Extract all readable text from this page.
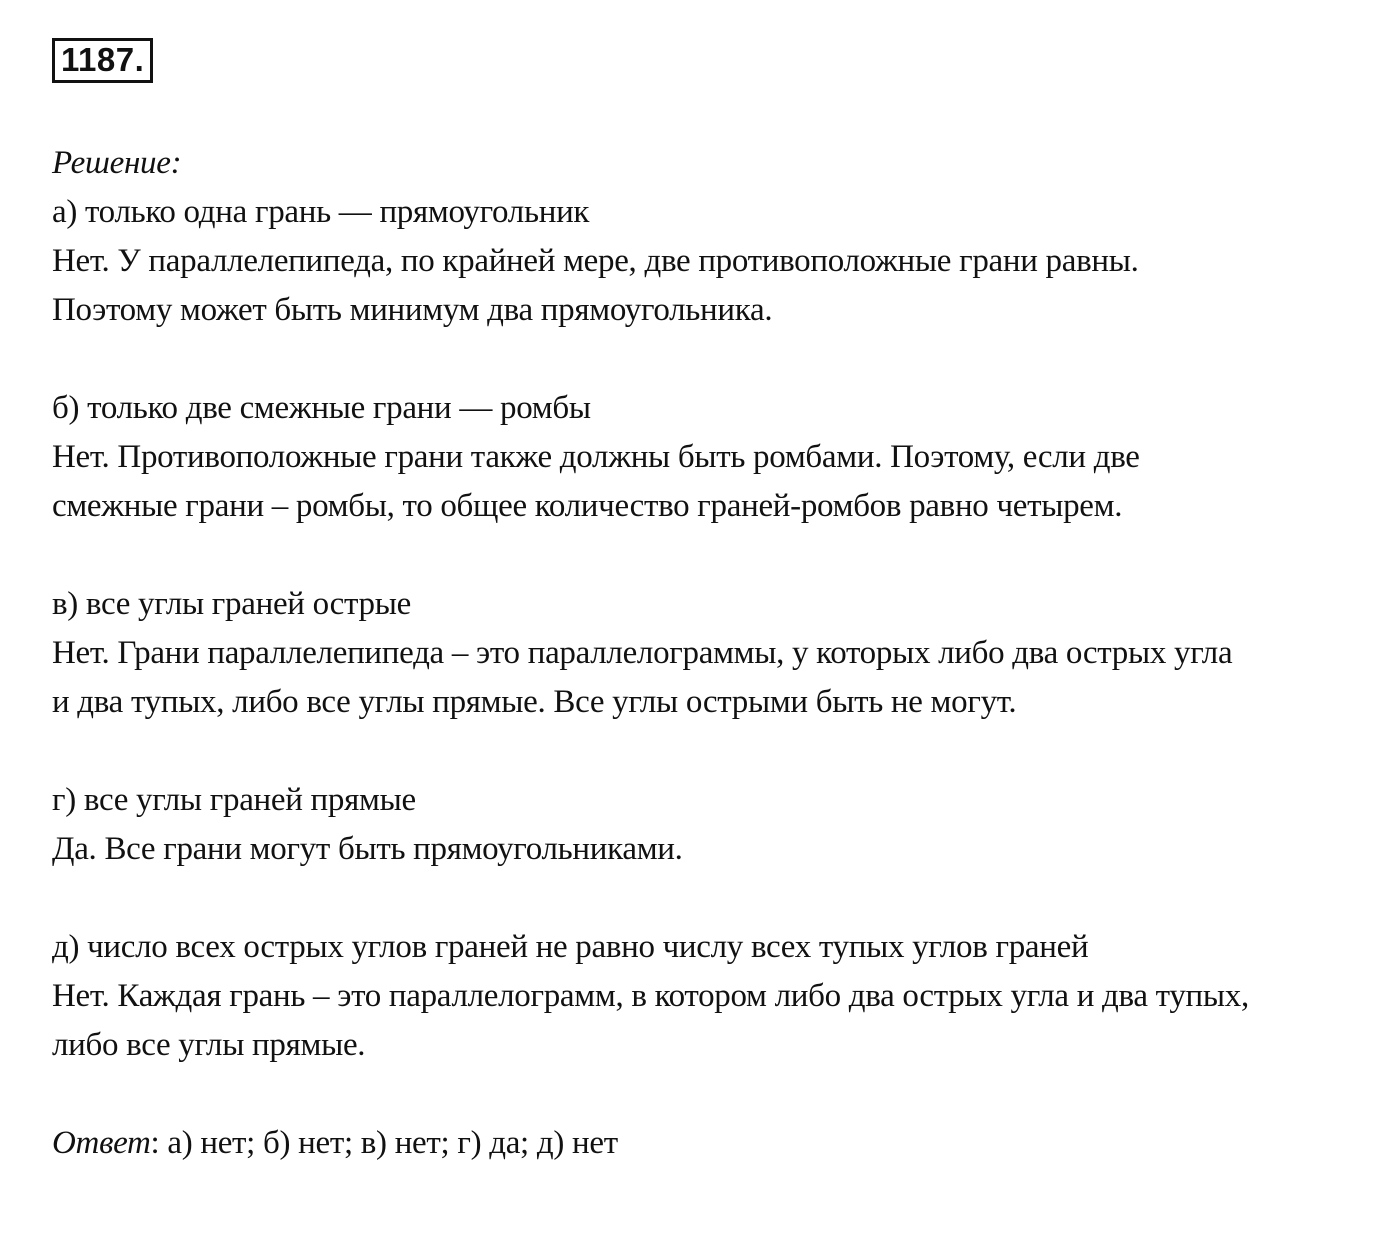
1187.

Решение:

а) только одна грань — прямоугольник

Нет. У параллелепипеда, по крайней мере, две противоположные грани равны.

Поэтому может быть минимум два прямоугольника.

б) только две смежные грани — ромбы

Нет. Противоположные грани также должны быть ромбами. Поэтому, если две

смежные грани – ромбы, то общее количество граней-ромбов равно четырем.

в) все углы граней острые

Нет. Грани параллелепипеда – это параллелограммы, у которых либо два острых угла

и два тупых, либо все углы прямые. Все углы острыми быть не могут.

г) все углы граней прямые

Да. Все грани могут быть прямоугольниками.

д) число всех острых углов граней не равно числу всех тупых углов граней

Нет. Каждая грань – это параллелограмм, в котором либо два острых угла и два тупых,

либо все углы прямые.

Ответ: а) нет; б) нет; в) нет; г) да; д) нет
